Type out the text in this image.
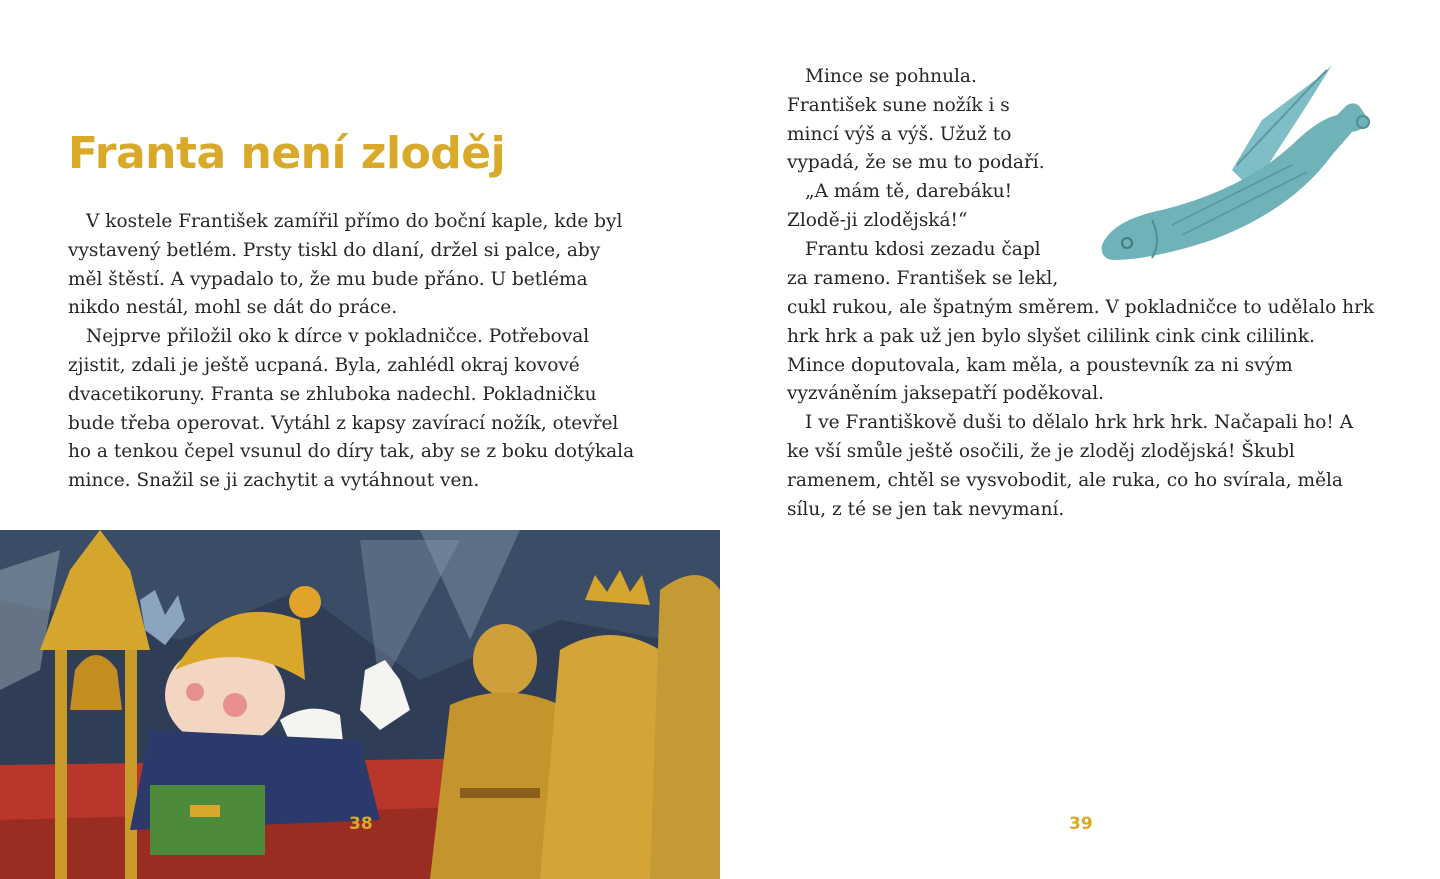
Franta není zloděj

V kostele František zamířil přímo do boční kaple, kde byl vystavený betlém. Prsty tiskl do dlaní, držel si palce, aby měl štěstí. A vypadalo to, že mu bude přáno. U betléma nikdo nestál, mohl se dát do práce.

Nejprve přiložil oko k dírce v pokladničce. Potřeboval zjistit, zdali je ještě ucpaná. Byla, zahlédl okraj kovové dvacetikoruny. Franta se zhluboka nadechl. Pokladničku bude třeba operovat. Vytáhl z kapsy zavírací nožík, otevřel ho a tenkou čepel vsunul do díry tak, aby se z boku dotýkala mince. Snažil se ji zachytit a vytáhnout ven.

38

Mince se pohnula. František sune nožík i s mincí výš a výš. Užuž to vypadá, že se mu to podaří.

„A mám tě, darebáku! Zlodě-ji zlodějská!“

Frantu kdosi zezadu čapl za rameno. František se lekl,

cukl rukou, ale špatným směrem. V pokladničce to udělalo hrk hrk hrk a pak už jen bylo slyšet cililink cink cink cililink. Mince doputovala, kam měla, a poustevník za ni svým vyzváněním jaksepatří poděkoval.

I ve Františkově duši to dělalo hrk hrk hrk. Načapali ho! A ke vší smůle ještě osočili, že je zloděj zlodějská! Škubl ramenem, chtěl se vysvobodit, ale ruka, co ho svírala, měla sílu, z té se jen tak nevymaní.

39
